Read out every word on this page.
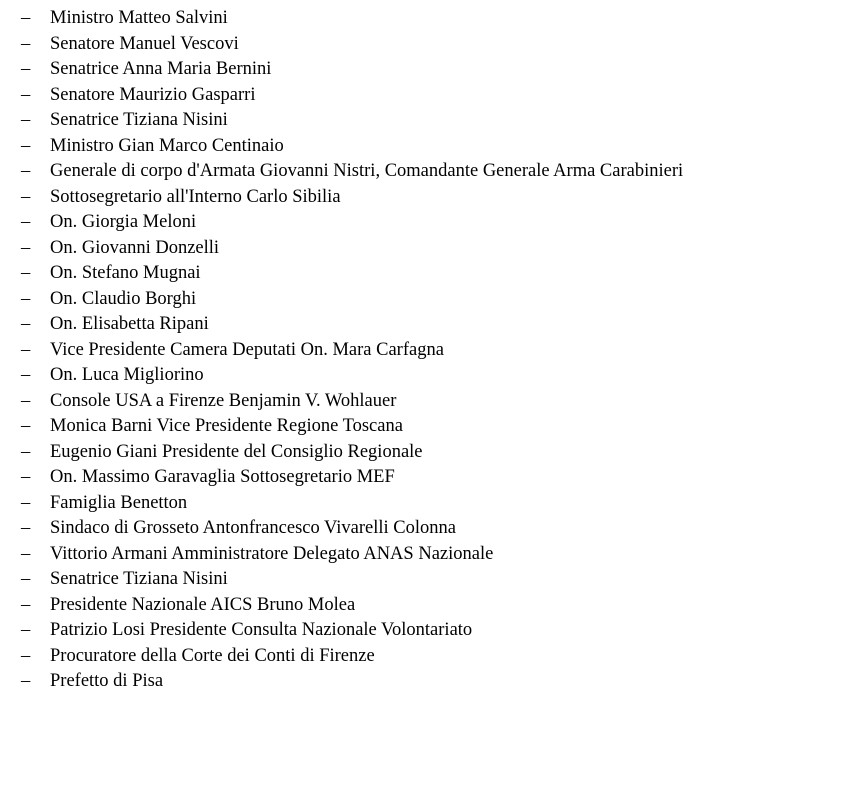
– Ministro Matteo Salvini
– Senatore Manuel Vescovi
– Senatrice Anna Maria Bernini
– Senatore Maurizio Gasparri
– Senatrice Tiziana Nisini
– Ministro Gian Marco Centinaio
– Generale di corpo d'Armata Giovanni Nistri, Comandante Generale Arma Carabinieri
– Sottosegretario all'Interno Carlo Sibilia
– On. Giorgia Meloni
– On. Giovanni Donzelli
– On. Stefano Mugnai
– On. Claudio Borghi
– On. Elisabetta Ripani
– Vice Presidente Camera Deputati On. Mara Carfagna
– On. Luca Migliorino
– Console USA a Firenze Benjamin V. Wohlauer
– Monica Barni Vice Presidente Regione Toscana
– Eugenio Giani Presidente del Consiglio Regionale
– On. Massimo Garavaglia Sottosegretario MEF
– Famiglia Benetton
– Sindaco di Grosseto Antonfrancesco Vivarelli Colonna
– Vittorio Armani Amministratore Delegato ANAS Nazionale
– Senatrice Tiziana Nisini
– Presidente Nazionale AICS Bruno Molea
– Patrizio Losi Presidente Consulta Nazionale Volontariato
– Procuratore della Corte dei Conti di Firenze
– Prefetto di Pisa
